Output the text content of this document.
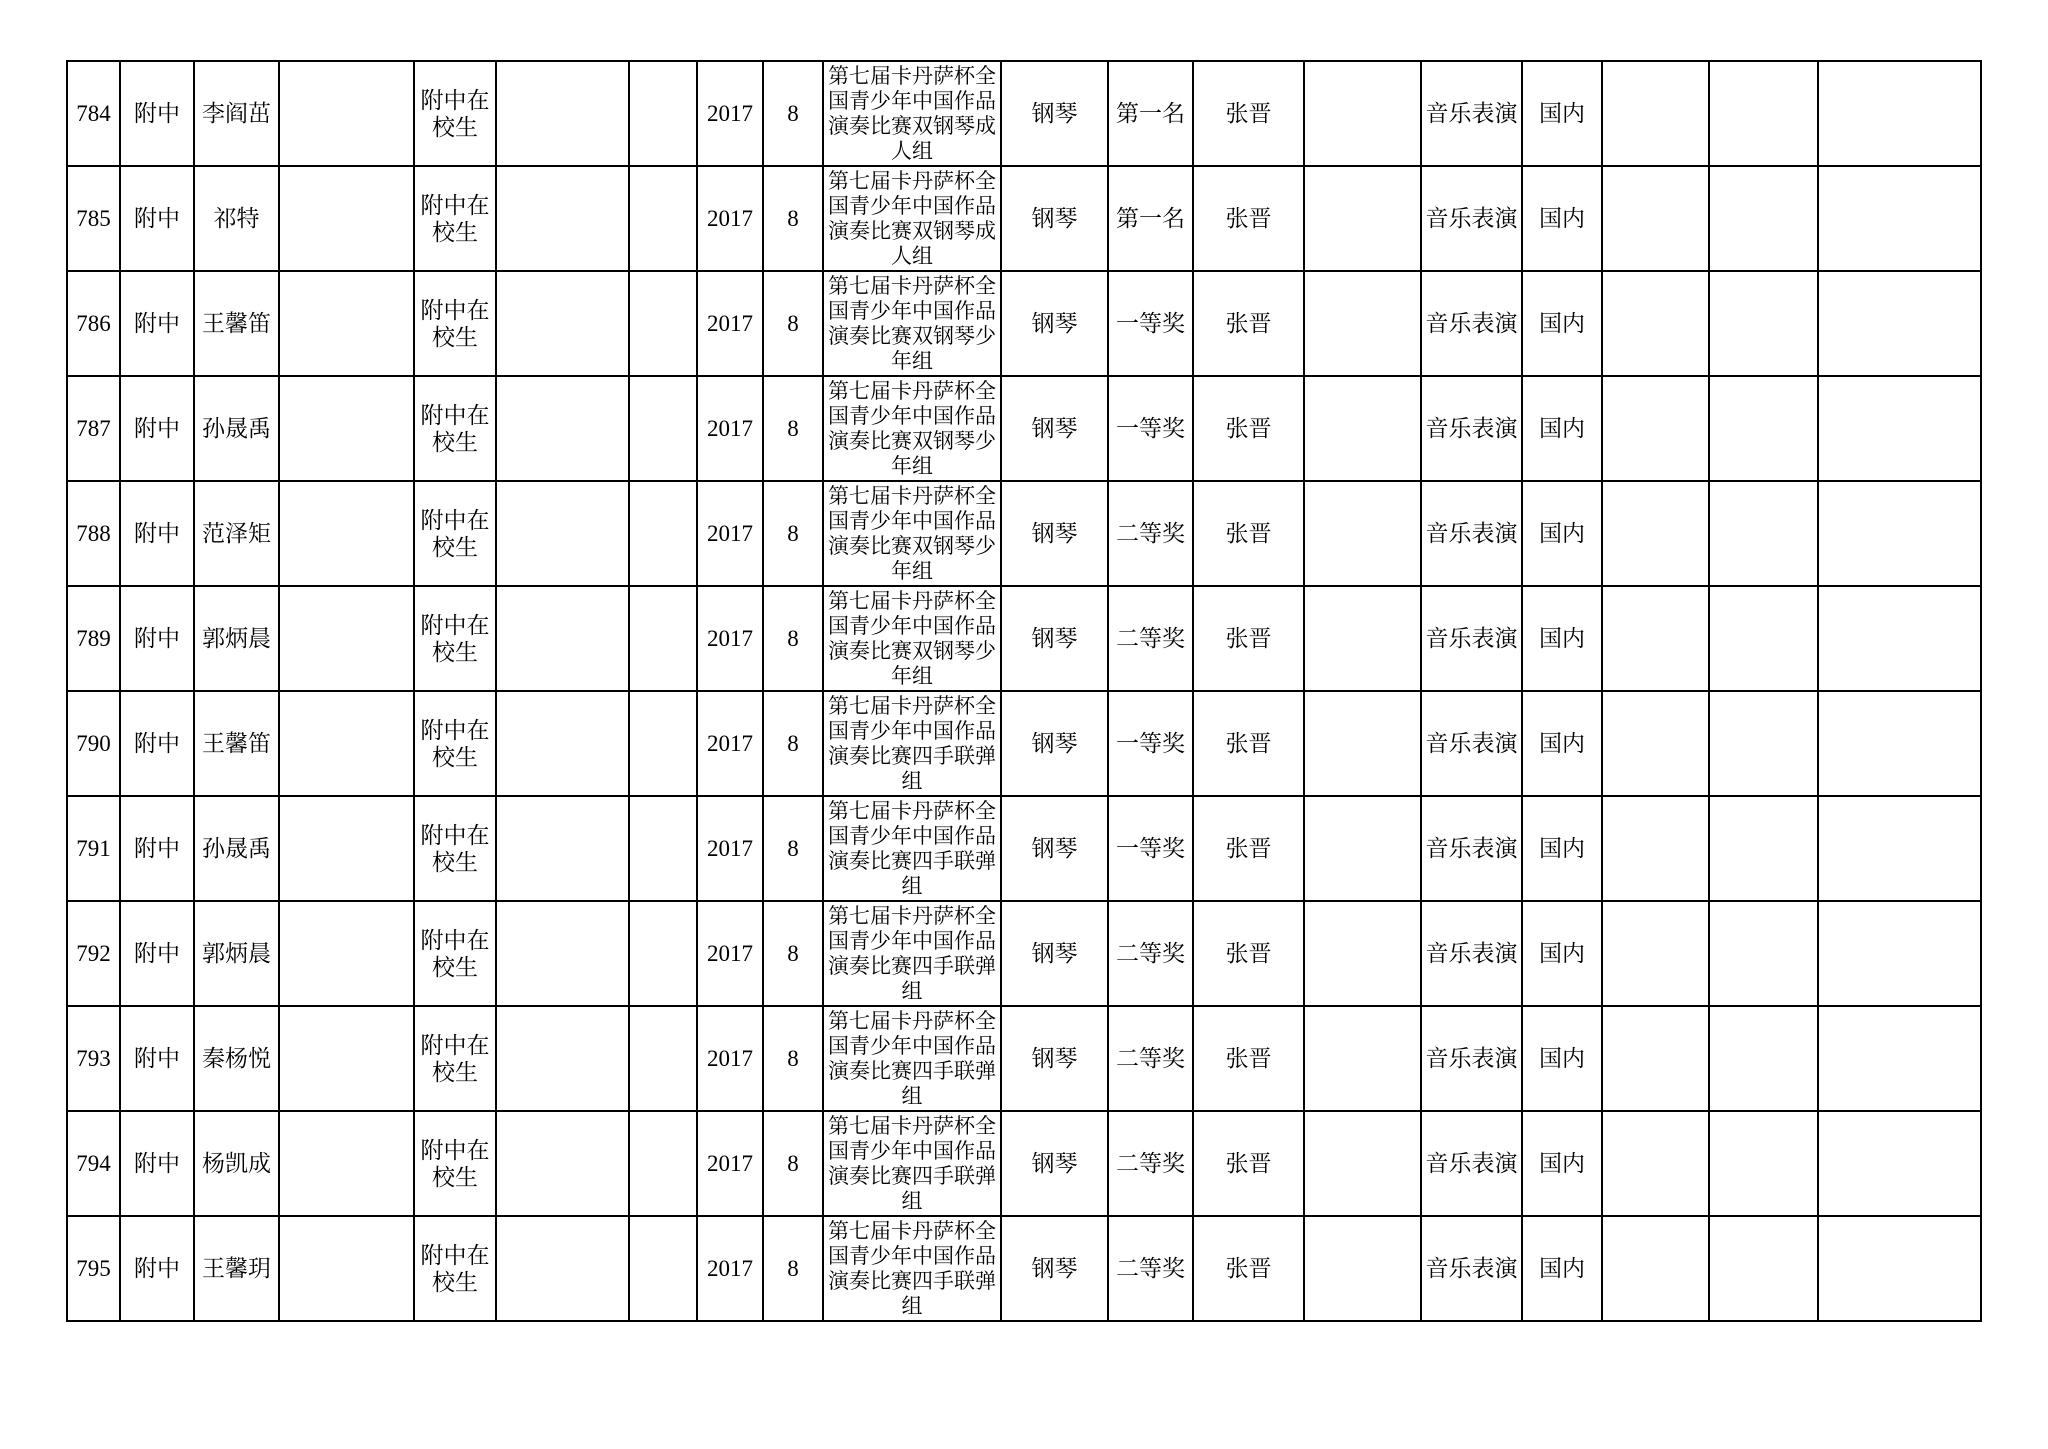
784	附中	李阎茁		附中在校生			2017	8	第七届卡丹萨杯全国青少年中国作品演奏比赛双钢琴成人组	钢琴	第一名	张晋		音乐表演	国内			
785	附中	祁特		附中在校生			2017	8	第七届卡丹萨杯全国青少年中国作品演奏比赛双钢琴成人组	钢琴	第一名	张晋		音乐表演	国内			
786	附中	王馨笛		附中在校生			2017	8	第七届卡丹萨杯全国青少年中国作品演奏比赛双钢琴少年组	钢琴	一等奖	张晋		音乐表演	国内			
787	附中	孙晟禹		附中在校生			2017	8	第七届卡丹萨杯全国青少年中国作品演奏比赛双钢琴少年组	钢琴	一等奖	张晋		音乐表演	国内			
788	附中	范泽矩		附中在校生			2017	8	第七届卡丹萨杯全国青少年中国作品演奏比赛双钢琴少年组	钢琴	二等奖	张晋		音乐表演	国内			
789	附中	郭炳晨		附中在校生			2017	8	第七届卡丹萨杯全国青少年中国作品演奏比赛双钢琴少年组	钢琴	二等奖	张晋		音乐表演	国内			
790	附中	王馨笛		附中在校生			2017	8	第七届卡丹萨杯全国青少年中国作品演奏比赛四手联弹组	钢琴	一等奖	张晋		音乐表演	国内			
791	附中	孙晟禹		附中在校生			2017	8	第七届卡丹萨杯全国青少年中国作品演奏比赛四手联弹组	钢琴	一等奖	张晋		音乐表演	国内			
792	附中	郭炳晨		附中在校生			2017	8	第七届卡丹萨杯全国青少年中国作品演奏比赛四手联弹组	钢琴	二等奖	张晋		音乐表演	国内			
793	附中	秦杨悦		附中在校生			2017	8	第七届卡丹萨杯全国青少年中国作品演奏比赛四手联弹组	钢琴	二等奖	张晋		音乐表演	国内			
794	附中	杨凯成		附中在校生			2017	8	第七届卡丹萨杯全国青少年中国作品演奏比赛四手联弹组	钢琴	二等奖	张晋		音乐表演	国内			
795	附中	王馨玥		附中在校生			2017	8	第七届卡丹萨杯全国青少年中国作品演奏比赛四手联弹组	钢琴	二等奖	张晋		音乐表演	国内			
